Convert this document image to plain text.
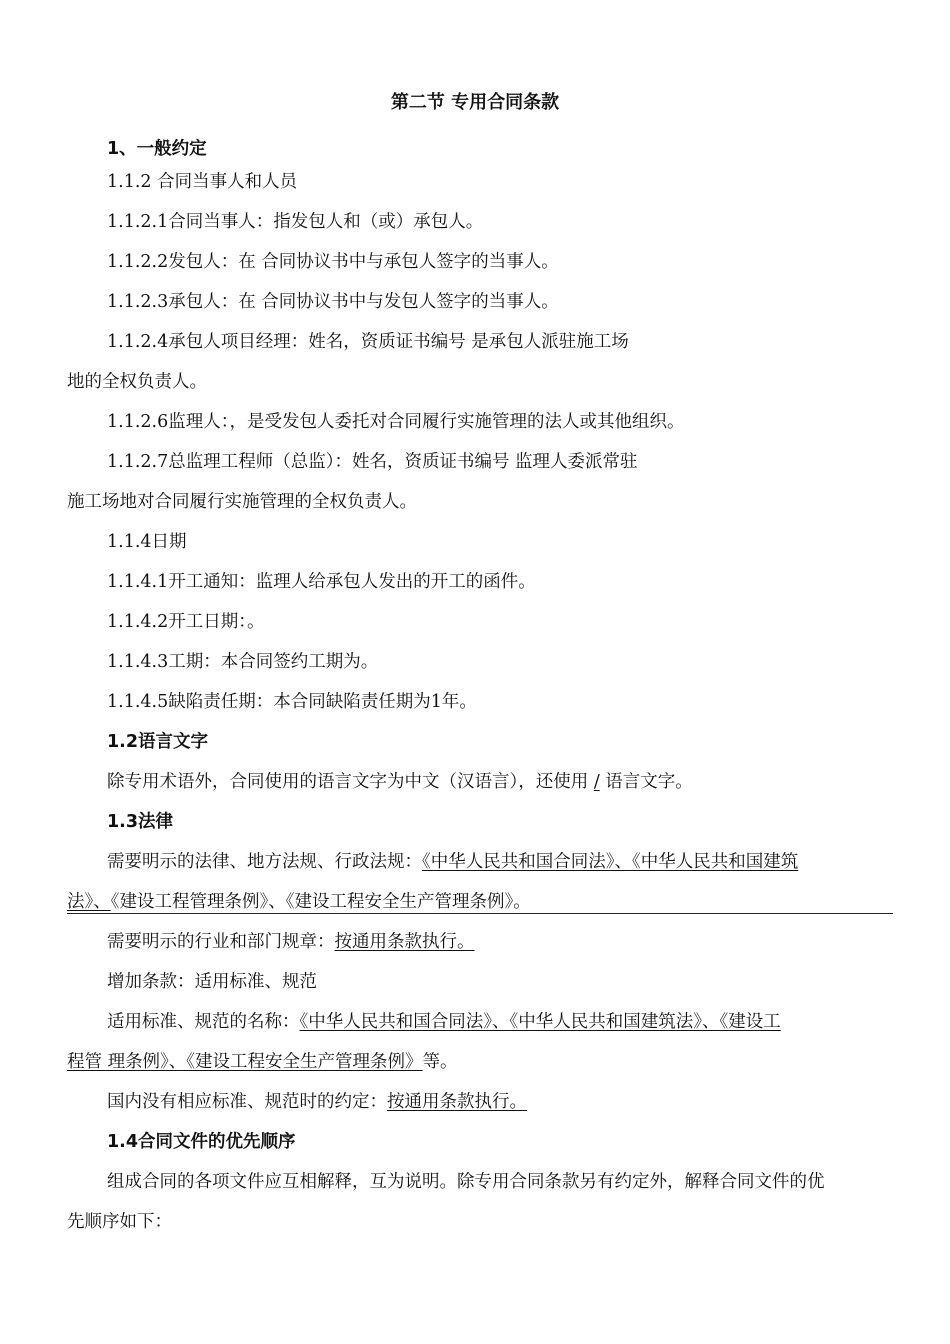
第二节 专用合同条款

1、一般约定

1.1.2 合同当事人和人员

1.1.2.1合同当事人：指发包人和（或）承包人。

1.1.2.2发包人：在 合同协议书中与承包人签字的当事人。

1.1.2.3承包人：在 合同协议书中与发包人签字的当事人。

1.1.2.4承包人项目经理：姓名，资质证书编号 是承包人派驻施工场

地的全权负责人。

1.1.2.6监理人：，是受发包人委托对合同履行实施管理的法人或其他组织。

1.1.2.7总监理工程师（总监）：姓名，资质证书编号 监理人委派常驻

施工场地对合同履行实施管理的全权负责人。

1.1.4日期

1.1.4.1开工通知：监理人给承包人发出的开工的函件。

1.1.4.2开工日期：。

1.1.4.3工期：本合同签约工期为。

1.1.4.5缺陷责任期：本合同缺陷责任期为1年。

1.2语言文字

除专用术语外，合同使用的语言文字为中文（汉语言），还使用 / 语言文字。

1.3法律

需要明示的法律、地方法规、行政法规：《中华人民共和国合同法》、《中华人民共和国建筑

法》、《建设工程管理条例》、《建设工程安全生产管理条例》。

需要明示的行业和部门规章：按通用条款执行。

增加条款：适用标准、规范

适用标准、规范的名称：《中华人民共和国合同法》、《中华人民共和国建筑法》、《建设工

程管 理条例》、《建设工程安全生产管理条例》等。

国内没有相应标准、规范时的约定：按通用条款执行。

1.4合同文件的优先顺序

组成合同的各项文件应互相解释，互为说明。除专用合同条款另有约定外，解释合同文件的优

先顺序如下：
